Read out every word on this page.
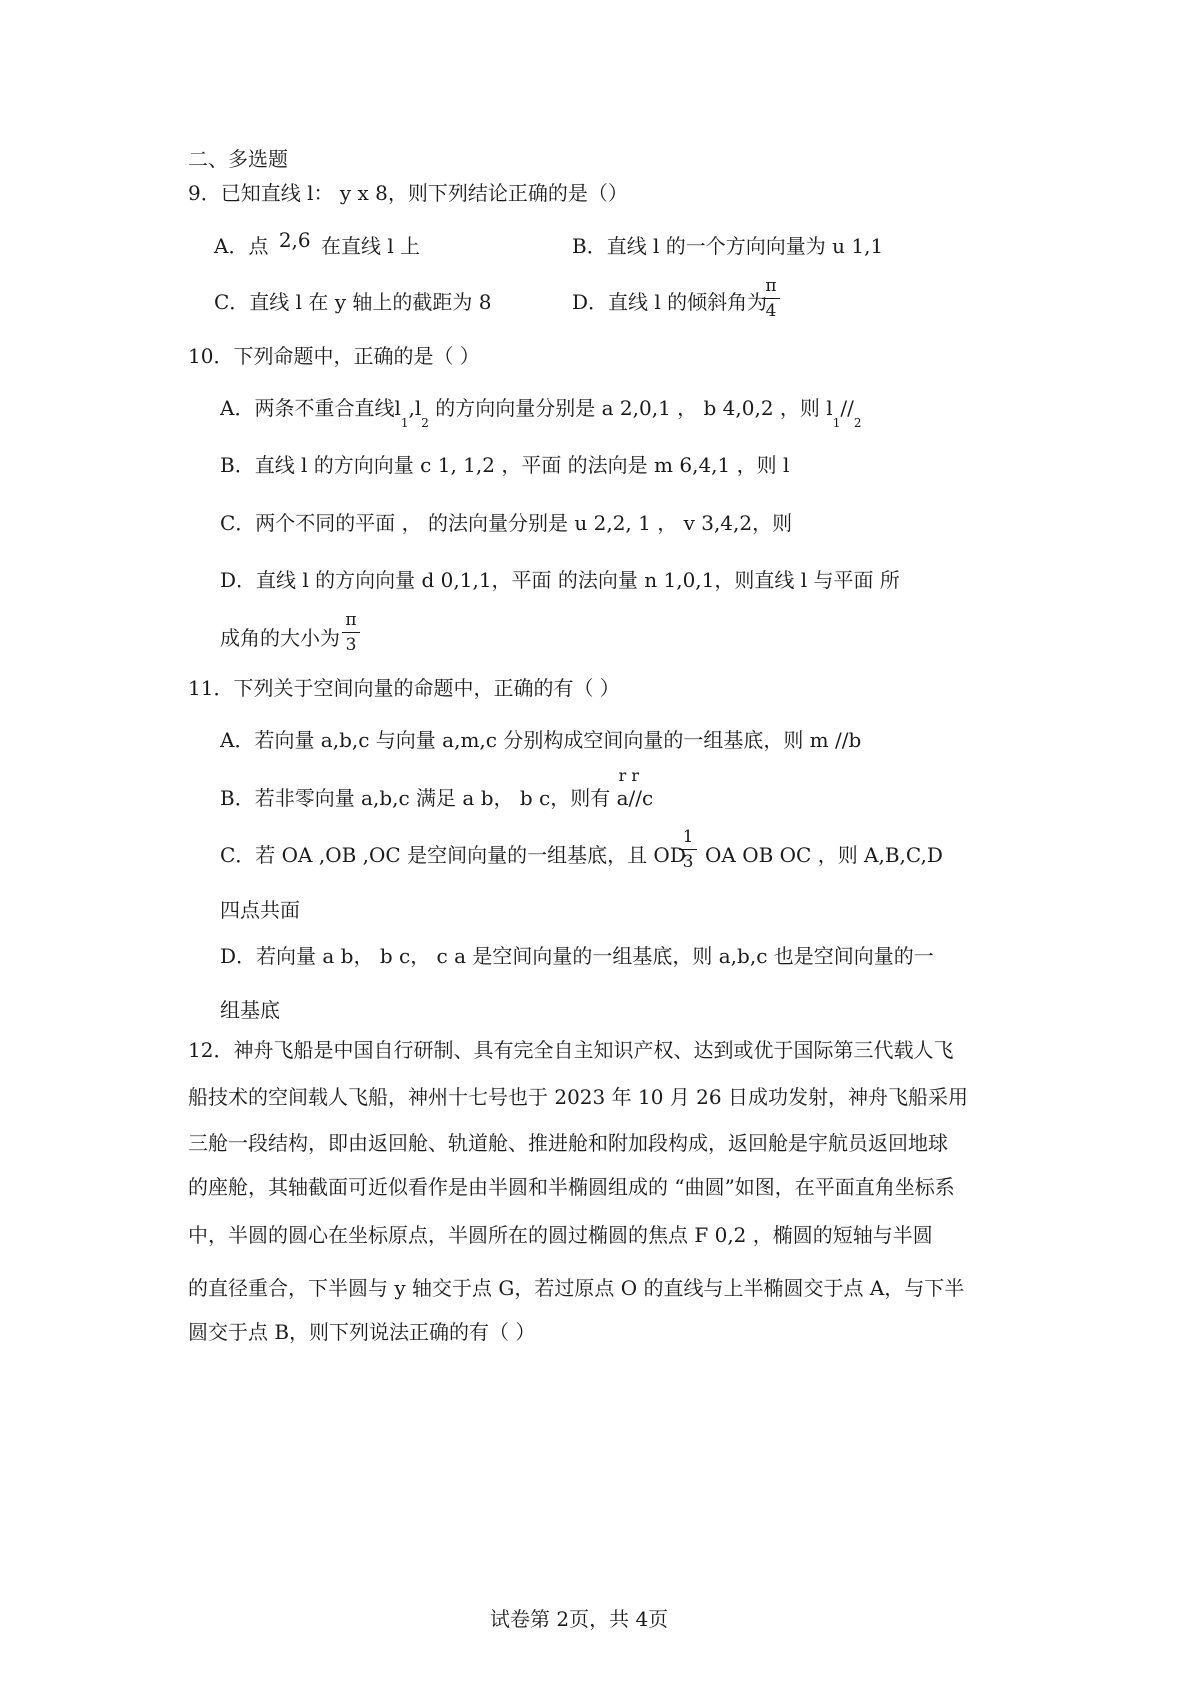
二、多选题
9．已知直线 l： y x 8，则下列结论正确的是（）
A．点 2,6 在直线 l 上	B．直线 l 的一个方向向量为 u 1,1
C．直线 l 在 y 轴上的截距为 8	D．直线 l 的倾斜角为
π
4
10．下列命题中，正确的是（ ）
A．两条不重合直线$l_1,l_2$ 的方向向量分别是 a 2,0,1 ， b 4,0,2 ，则 $l_1//_2$
B．直线 l 的方向向量 c 1, 1,2 ，平面 的法向是 m 6,4,1 ，则 l
C．两个不同的平面 ， 的法向量分别是 u 2,2, 1 ， v 3,4,2，则
D．直线 l 的方向向量 d 0,1,1，平面 的法向量 n 1,0,1，则直线 l 与平面 所
成角的大小为
π
3
11．下列关于空间向量的命题中，正确的有（ ）
A．若向量 a,b,c 与向量 a,m,c 分别构成空间向量的一组基底，则 m //b
B．若非零向量 a,b,c 满足 a b， b c，则有
r r
a//c
C．若 OA ,OB ,OC 是空间向量的一组基底，且 OD
1
3 OA OB OC ，则 A,B,C,D
四点共面
D．若向量 a b， b c， c a 是空间向量的一组基底，则 a,b,c 也是空间向量的一
组基底
12．神舟飞船是中国自行研制、具有完全自主知识产权、达到或优于国际第三代载人飞
船技术的空间载人飞船，神州十七号也于 2023 年 10 月 26 日成功发射，神舟飞船采用
三舱一段结构，即由返回舱、轨道舱、推进舱和附加段构成，返回舱是宇航员返回地球
的座舱，其轴截面可近似看作是由半圆和半椭圆组成的 “曲圆”如图，在平面直角坐标系
中，半圆的圆心在坐标原点，半圆所在的圆过椭圆的焦点 F 0,2 ，椭圆的短轴与半圆
的直径重合，下半圆与 y 轴交于点 G，若过原点 O 的直线与上半椭圆交于点 A，与下半
圆交于点 B，则下列说法正确的有（ ）
试卷第 2页，共 4页
